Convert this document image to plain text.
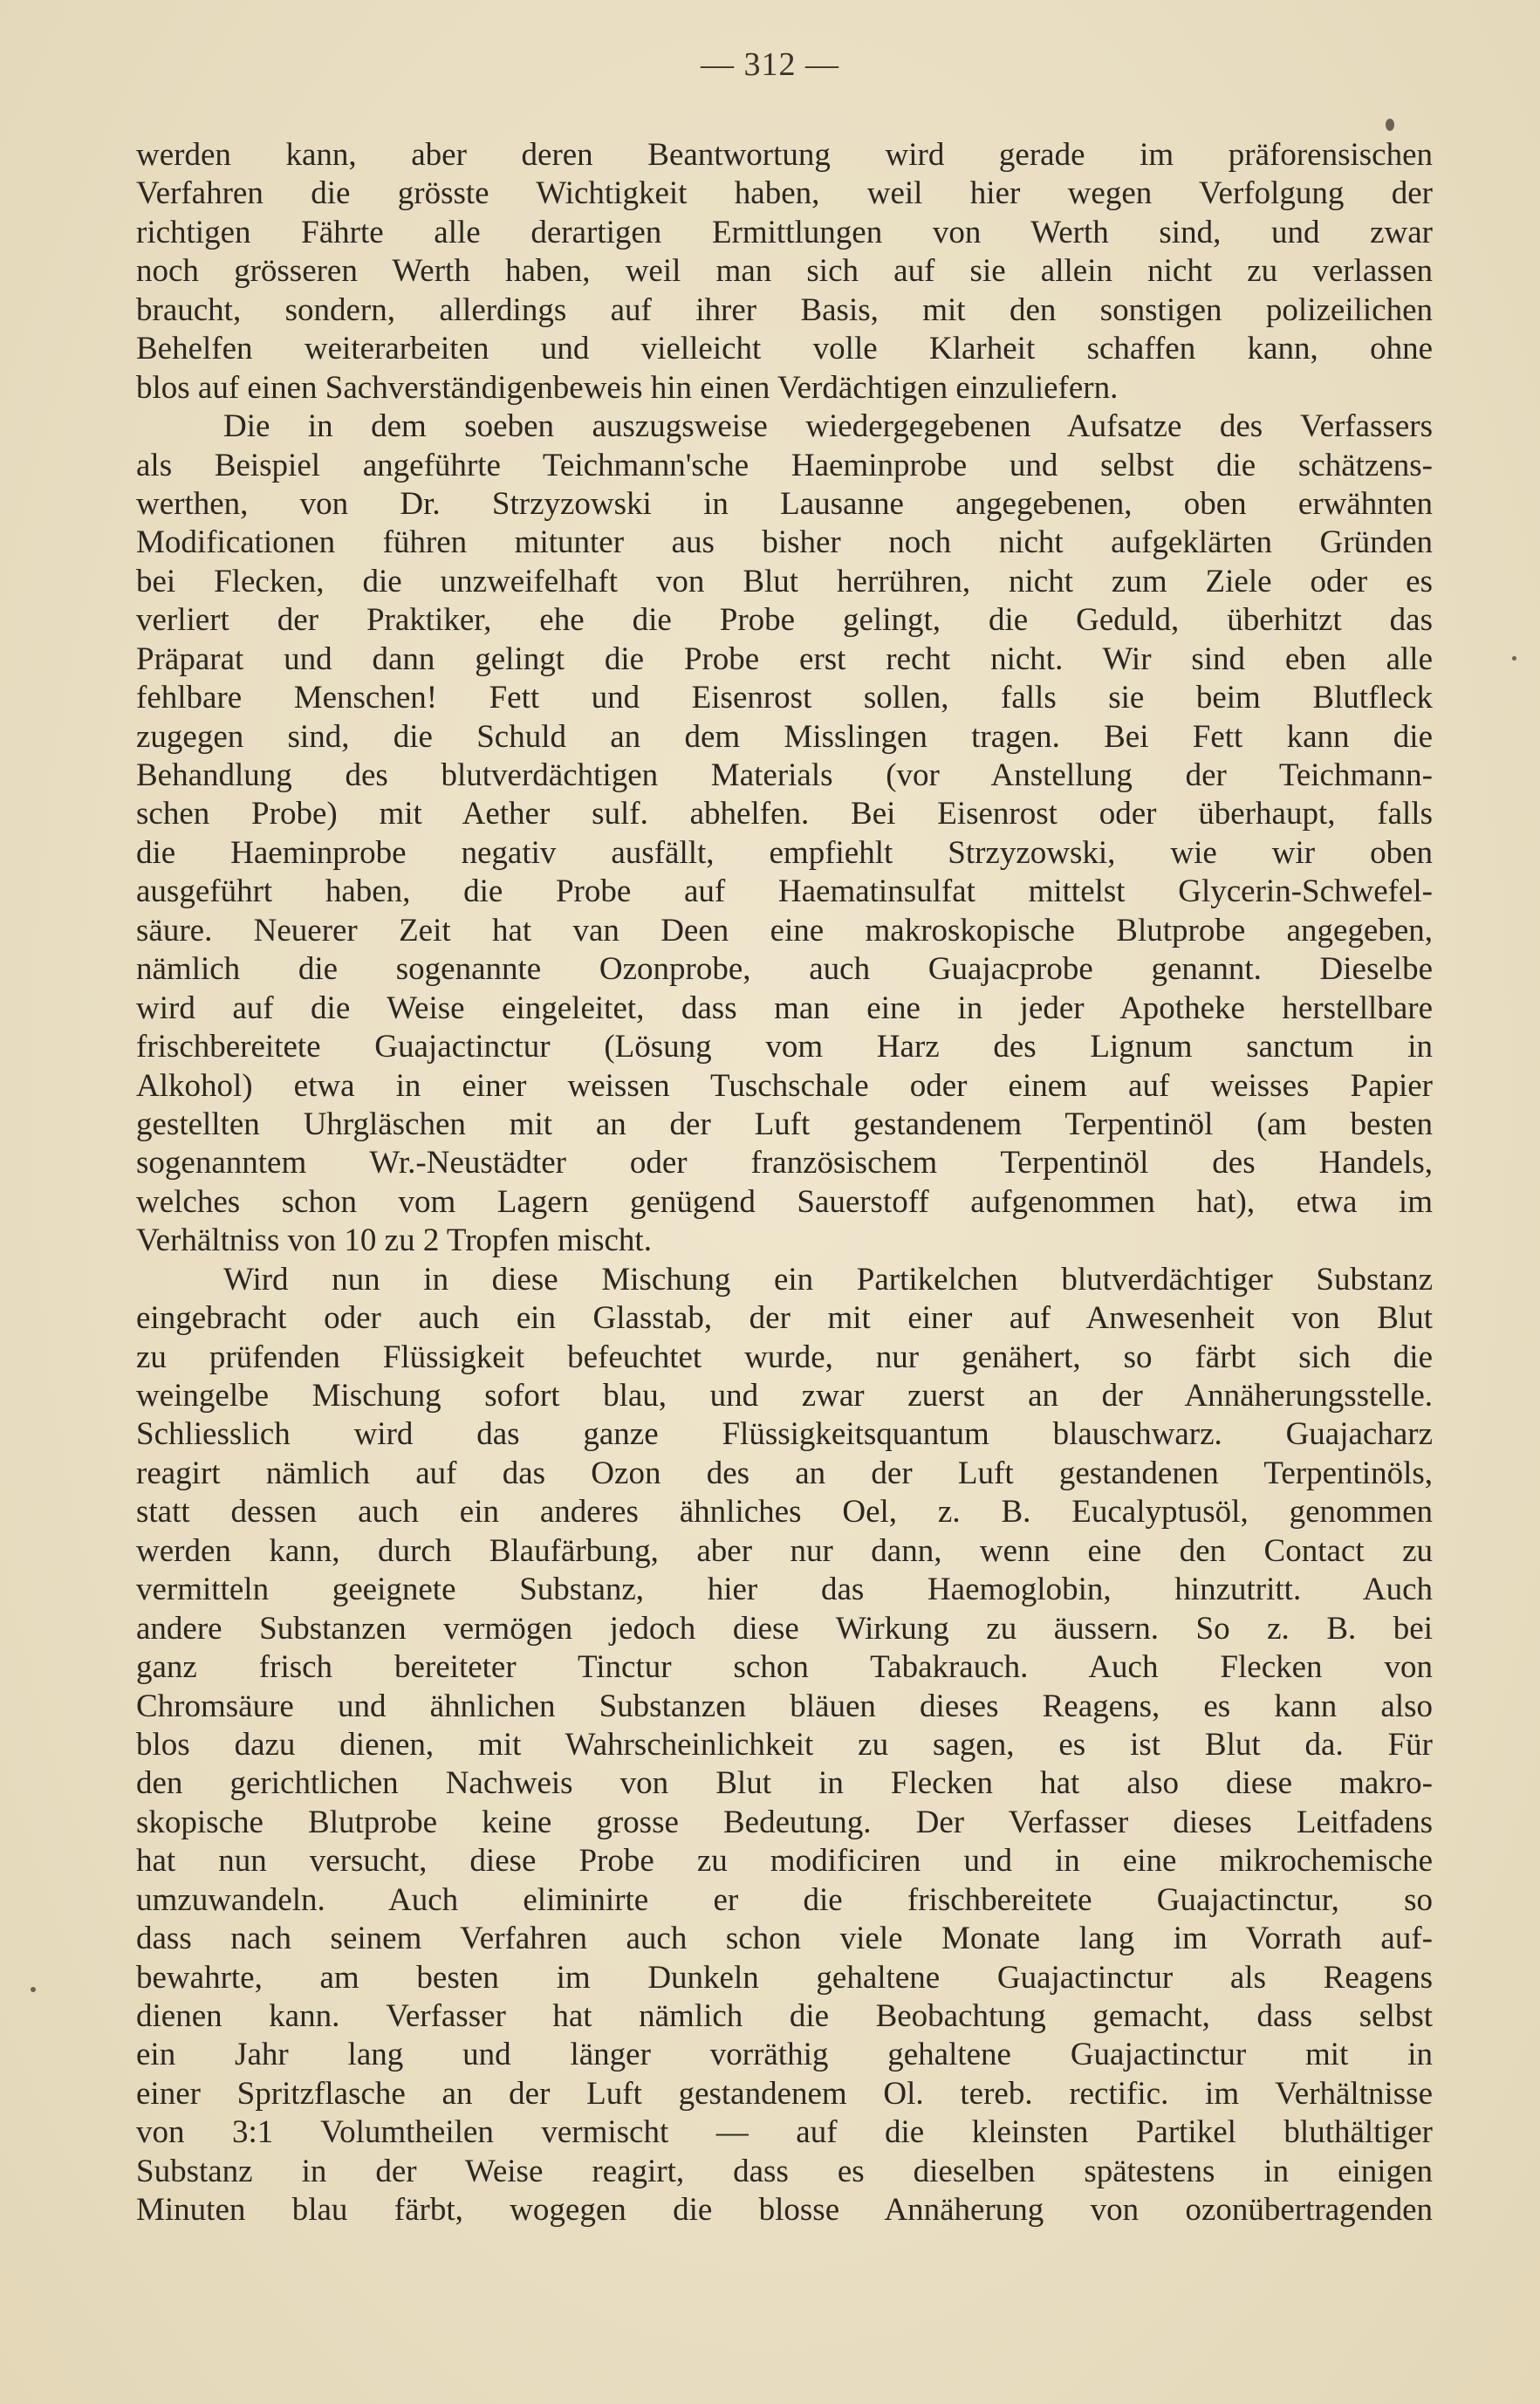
— 312 —
werden kann, aber deren Beantwortung wird gerade im präforensischen
Verfahren die grösste Wichtigkeit haben, weil hier wegen Verfolgung der
richtigen Fährte alle derartigen Ermittlungen von Werth sind, und zwar
noch grösseren Werth haben, weil man sich auf sie allein nicht zu verlassen
braucht, sondern, allerdings auf ihrer Basis, mit den sonstigen polizeilichen
Behelfen weiterarbeiten und vielleicht volle Klarheit schaffen kann, ohne
blos auf einen Sachverständigenbeweis hin einen Verdächtigen einzuliefern.
Die in dem soeben auszugsweise wiedergegebenen Aufsatze des Verfassers
als Beispiel angeführte Teichmann'sche Haeminprobe und selbst die schätzens-
werthen, von Dr. Strzyzowski in Lausanne angegebenen, oben erwähnten
Modificationen führen mitunter aus bisher noch nicht aufgeklärten Gründen
bei Flecken, die unzweifelhaft von Blut herrühren, nicht zum Ziele oder es
verliert der Praktiker, ehe die Probe gelingt, die Geduld, überhitzt das
Präparat und dann gelingt die Probe erst recht nicht. Wir sind eben alle
fehlbare Menschen! Fett und Eisenrost sollen, falls sie beim Blutfleck
zugegen sind, die Schuld an dem Misslingen tragen. Bei Fett kann die
Behandlung des blutverdächtigen Materials (vor Anstellung der Teichmann-
schen Probe) mit Aether sulf. abhelfen. Bei Eisenrost oder überhaupt, falls
die Haeminprobe negativ ausfällt, empfiehlt Strzyzowski, wie wir oben
ausgeführt haben, die Probe auf Haematinsulfat mittelst Glycerin-Schwefel-
säure. Neuerer Zeit hat van Deen eine makroskopische Blutprobe angegeben,
nämlich die sogenannte Ozonprobe, auch Guajacprobe genannt. Dieselbe
wird auf die Weise eingeleitet, dass man eine in jeder Apotheke herstellbare
frischbereitete Guajactinctur (Lösung vom Harz des Lignum sanctum in
Alkohol) etwa in einer weissen Tuschschale oder einem auf weisses Papier
gestellten Uhrgläschen mit an der Luft gestandenem Terpentinöl (am besten
sogenanntem Wr.-Neustädter oder französischem Terpentinöl des Handels,
welches schon vom Lagern genügend Sauerstoff aufgenommen hat), etwa im
Verhältniss von 10 zu 2 Tropfen mischt.
Wird nun in diese Mischung ein Partikelchen blutverdächtiger Substanz
eingebracht oder auch ein Glasstab, der mit einer auf Anwesenheit von Blut
zu prüfenden Flüssigkeit befeuchtet wurde, nur genähert, so färbt sich die
weingelbe Mischung sofort blau, und zwar zuerst an der Annäherungsstelle.
Schliesslich wird das ganze Flüssigkeitsquantum blauschwarz. Guajacharz
reagirt nämlich auf das Ozon des an der Luft gestandenen Terpentinöls,
statt dessen auch ein anderes ähnliches Oel, z. B. Eucalyptusöl, genommen
werden kann, durch Blaufärbung, aber nur dann, wenn eine den Contact zu
vermitteln geeignete Substanz, hier das Haemoglobin, hinzutritt. Auch
andere Substanzen vermögen jedoch diese Wirkung zu äussern. So z. B. bei
ganz frisch bereiteter Tinctur schon Tabakrauch. Auch Flecken von
Chromsäure und ähnlichen Substanzen bläuen dieses Reagens, es kann also
blos dazu dienen, mit Wahrscheinlichkeit zu sagen, es ist Blut da. Für
den gerichtlichen Nachweis von Blut in Flecken hat also diese makro-
skopische Blutprobe keine grosse Bedeutung. Der Verfasser dieses Leitfadens
hat nun versucht, diese Probe zu modificiren und in eine mikrochemische
umzuwandeln. Auch eliminirte er die frischbereitete Guajactinctur, so
dass nach seinem Verfahren auch schon viele Monate lang im Vorrath auf-
bewahrte, am besten im Dunkeln gehaltene Guajactinctur als Reagens
dienen kann. Verfasser hat nämlich die Beobachtung gemacht, dass selbst
ein Jahr lang und länger vorräthig gehaltene Guajactinctur mit in
einer Spritzflasche an der Luft gestandenem Ol. tereb. rectific. im Verhältnisse
von 3:1 Volumtheilen vermischt — auf die kleinsten Partikel bluthältiger
Substanz in der Weise reagirt, dass es dieselben spätestens in einigen
Minuten blau färbt, wogegen die blosse Annäherung von ozonübertragenden
